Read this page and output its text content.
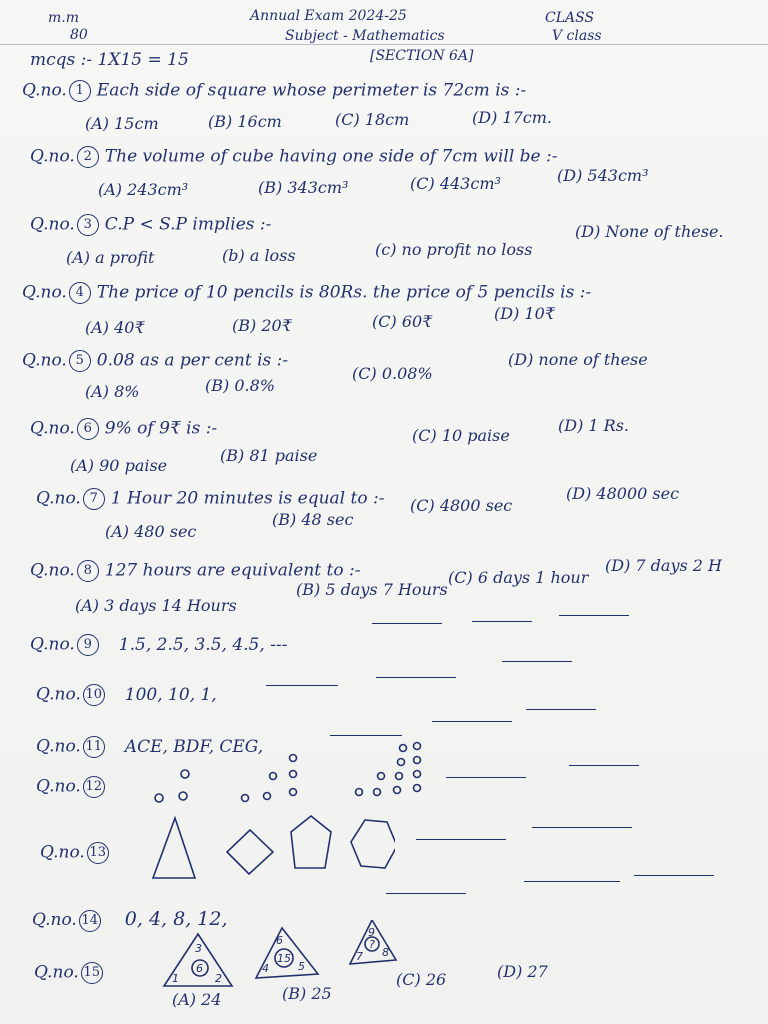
m.m
80
Annual Exam 2024-25
Subject - Mathematics
[SECTION 6A]
CLASS
V class
mcqs :- 1X15 = 15
Q.no. 1 Each side of square whose perimeter is 72cm is :-
(A) 15cm	(B) 16cm	(C) 18cm	(D) 17cm.
Q.no. 2 The volume of cube having one side of 7cm will be :-
(A) 243cm³	(B) 343cm³	(C) 443cm³	(D) 543cm³
Q.no. 3 C.P < S.P implies :-
(A) a profit	(b) a loss	(c) no profit no loss
(D) None of these.
Q.no. 4 The price of 10 pencils is 80Rs. the price of 5 pencils is :-
(A) 40₹	(B) 20₹	(C) 60₹	(D) 10₹
Q.no. 5 0.08 as a per cent is :-
(A) 8%	(B) 0.8%
(C) 0.08%
(D) none of these
Q.no. 6 9% of 9₹ is :-
(A) 90 paise
(B) 81 paise
(C) 10 paise
(D) 1 Rs.
Q.no. 7 1 Hour 20 minutes is equal to :-
(A) 480 sec
(B) 48 sec
(C) 4800 sec
(D) 48000 sec
Q.no. 8 127 hours are equivalent to :-
(A) 3 days 14 Hours
(B) 5 days 7 Hours
(C) 6 days 1 hour
(D) 7 days 2 H
Q.no. 9 1.5, 2.5, 3.5, 4.5, ---
Q.no. 10 100, 10, 1,
Q.no. 11 ACE, BDF, CEG,
Q.no. 12
Q.no. 13
Q.no. 14 0, 4, 8, 12,
Q.no. 15
3
6
1	2
6
15
4	5
9
?
7 8
(A) 24	(B) 25
(C) 26	(D) 27
